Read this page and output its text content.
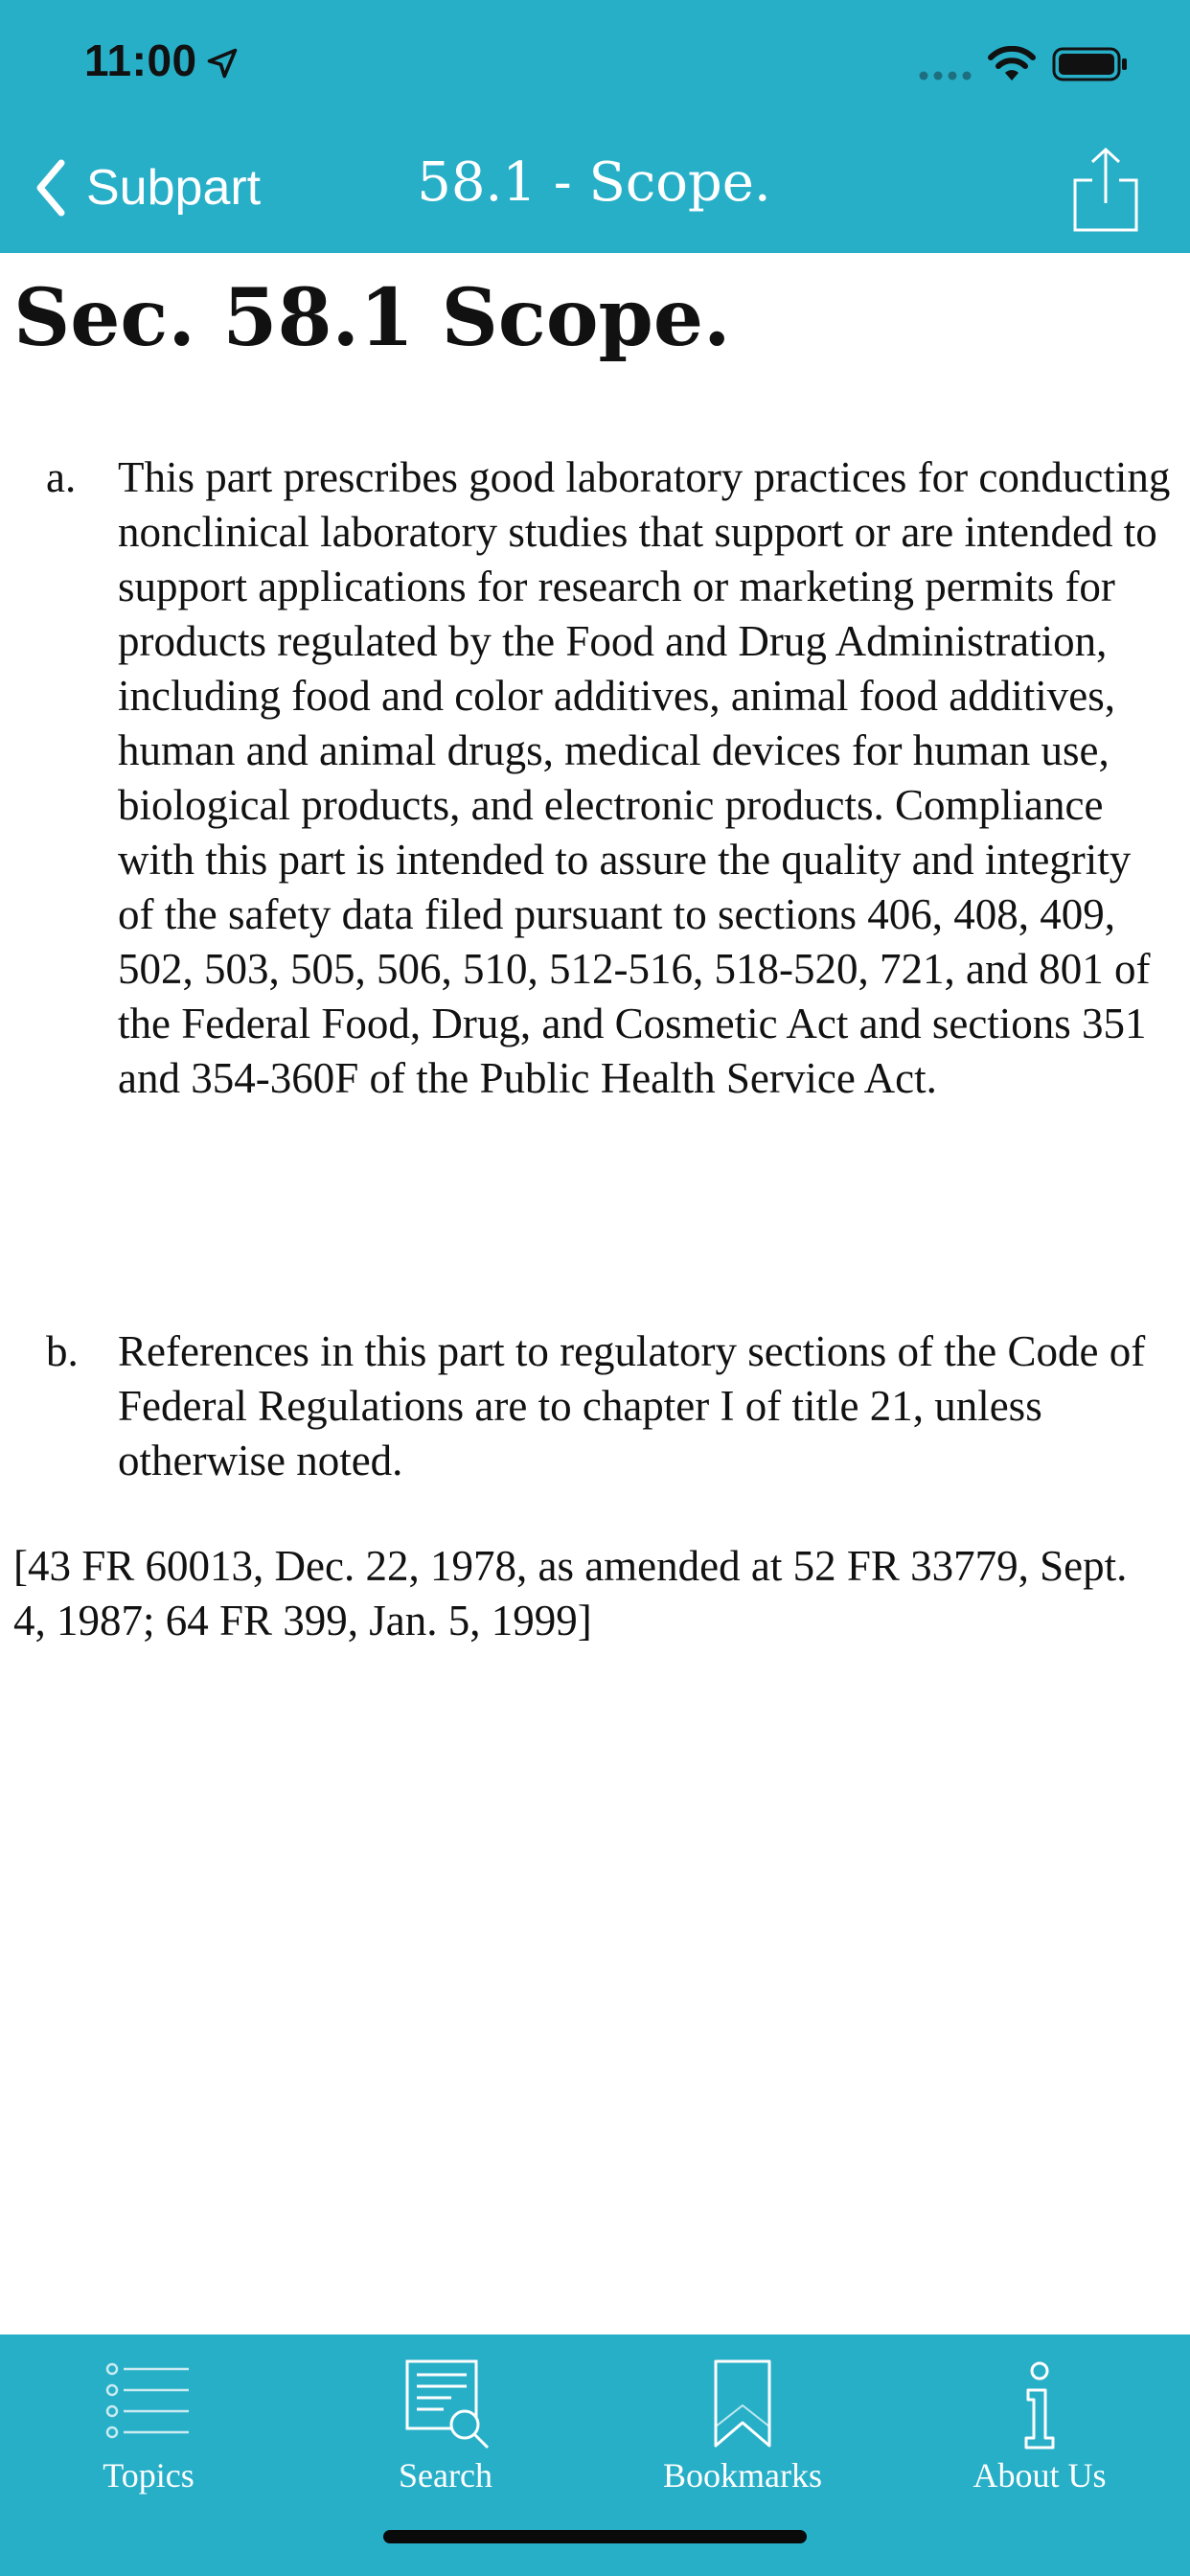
11:00
Subpart	58.1 - Scope.
Sec. 58.1 Scope.
a. This part prescribes good laboratory practices for conducting nonclinical laboratory studies that support or are intended to support applications for research or marketing permits for products regulated by the Food and Drug Administration, including food and color additives, animal food additives, human and animal drugs, medical devices for human use, biological products, and electronic products. Compliance with this part is intended to assure the quality and integrity of the safety data filed pursuant to sections 406, 408, 409, 502, 503, 505, 506, 510, 512-516, 518-520, 721, and 801 of the Federal Food, Drug, and Cosmetic Act and sections 351 and 354-360F of the Public Health Service Act.
b. References in this part to regulatory sections of the Code of Federal Regulations are to chapter I of title 21, unless otherwise noted.
[43 FR 60013, Dec. 22, 1978, as amended at 52 FR 33779, Sept. 4, 1987; 64 FR 399, Jan. 5, 1999]
Topics	Search	Bookmarks	About Us
